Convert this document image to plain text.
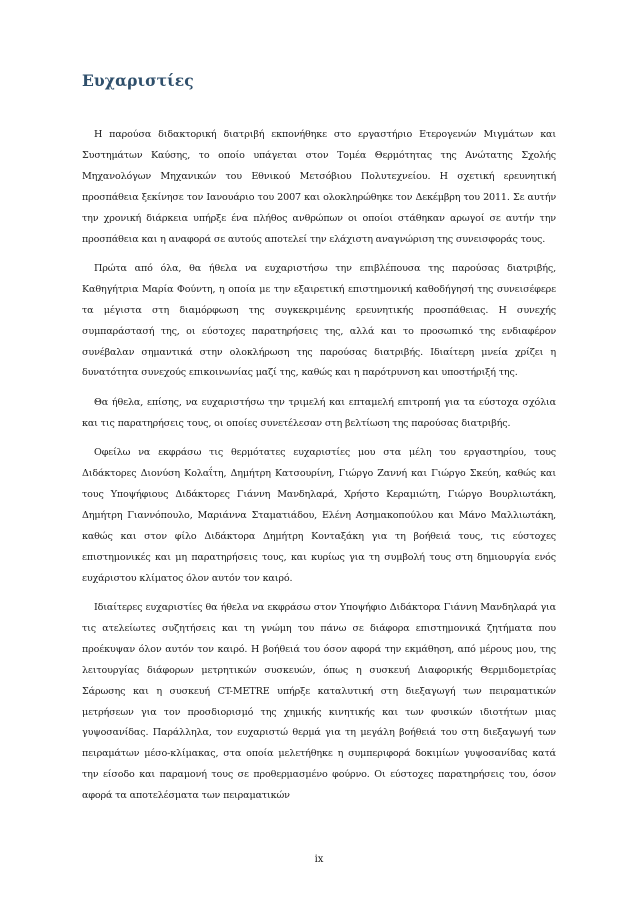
Ευχαριστίες

Η παρούσα διδακτορική διατριβή εκπονήθηκε στο εργαστήριο Ετερογενών Μιγμάτων και Συστημάτων Καύσης, το οποίο υπάγεται στον Τομέα Θερμότητας της Ανώτατης Σχολής Μηχανολόγων Μηχανικών του Εθνικού Μετσόβιου Πολυτεχνείου. Η σχετική ερευνητική προσπάθεια ξεκίνησε τον Ιανουάριο του 2007 και ολοκληρώθηκε τον Δεκέμβρη του 2011. Σε αυτήν την χρονική διάρκεια υπήρξε ένα πλήθος ανθρώπων οι οποίοι στάθηκαν αρωγοί σε αυτήν την προσπάθεια και η αναφορά σε αυτούς αποτελεί την ελάχιστη αναγνώριση της συνεισφοράς τους.

Πρώτα από όλα, θα ήθελα να ευχαριστήσω την επιβλέπουσα της παρούσας διατριβής, Καθηγήτρια Μαρία Φούντη, η οποία με την εξαιρετική επιστημονική καθοδήγησή της συνεισέφερε τα μέγιστα στη διαμόρφωση της συγκεκριμένης ερευνητικής προσπάθειας. Η συνεχής συμπαράστασή της, οι εύστοχες παρατηρήσεις της, αλλά και το προσωπικό της ενδιαφέρον συνέβαλαν σημαντικά στην ολοκλήρωση της παρούσας διατριβής. Ιδιαίτερη μνεία χρίζει η δυνατότητα συνεχούς επικοινωνίας μαζί της, καθώς και η παρότρυνση και υποστήριξή της.

Θα ήθελα, επίσης, να ευχαριστήσω την τριμελή και επταμελή επιτροπή για τα εύστοχα σχόλια και τις παρατηρήσεις τους, οι οποίες συνετέλεσαν στη βελτίωση της παρούσας διατριβής.

Οφείλω να εκφράσω τις θερμότατες ευχαριστίες μου στα μέλη του εργαστηρίου, τους Διδάκτορες Διονύση Κολαΐτη, Δημήτρη Κατσουρίνη, Γιώργο Ζαννή και Γιώργο Σκεύη, καθώς και τους Υποψήφιους Διδάκτορες Γιάννη Μανδηλαρά, Χρήστο Κεραμιώτη, Γιώργο Βουρλιωτάκη, Δημήτρη Γιαννόπουλο, Μαριάννα Σταματιάδου, Ελένη Ασημακοπούλου και Μάνο Μαλλιωτάκη, καθώς και στον φίλο Διδάκτορα Δημήτρη Κονταξάκη για τη βοήθειά τους, τις εύστοχες επιστημονικές και μη παρατηρήσεις τους, και κυρίως για τη συμβολή τους στη δημιουργία ενός ευχάριστου κλίματος όλον αυτόν τον καιρό.

Ιδιαίτερες ευχαριστίες θα ήθελα να εκφράσω στον Υποψήφιο Διδάκτορα Γιάννη Μανδηλαρά για τις ατελείωτες συζητήσεις και τη γνώμη του πάνω σε διάφορα επιστημονικά ζητήματα που προέκυψαν όλον αυτόν τον καιρό. Η βοήθειά του όσον αφορά την εκμάθηση, από μέρους μου, της λειτουργίας διάφορων μετρητικών συσκευών, όπως η συσκευή Διαφορικής Θερμιδομετρίας Σάρωσης και η συσκευή CT-METRE υπήρξε καταλυτική στη διεξαγωγή των πειραματικών μετρήσεων για τον προσδιορισμό της χημικής κινητικής και των φυσικών ιδιοτήτων μιας γυψοσανίδας. Παράλληλα, τον ευχαριστώ θερμά για τη μεγάλη βοήθειά του στη διεξαγωγή των πειραμάτων μέσο-κλίμακας, στα οποία μελετήθηκε η συμπεριφορά δοκιμίων γυψοσανίδας κατά την είσοδο και παραμονή τους σε προθερμασμένο φούρνο. Οι εύστοχες παρατηρήσεις του, όσον αφορά τα αποτελέσματα των πειραματικών

ix
